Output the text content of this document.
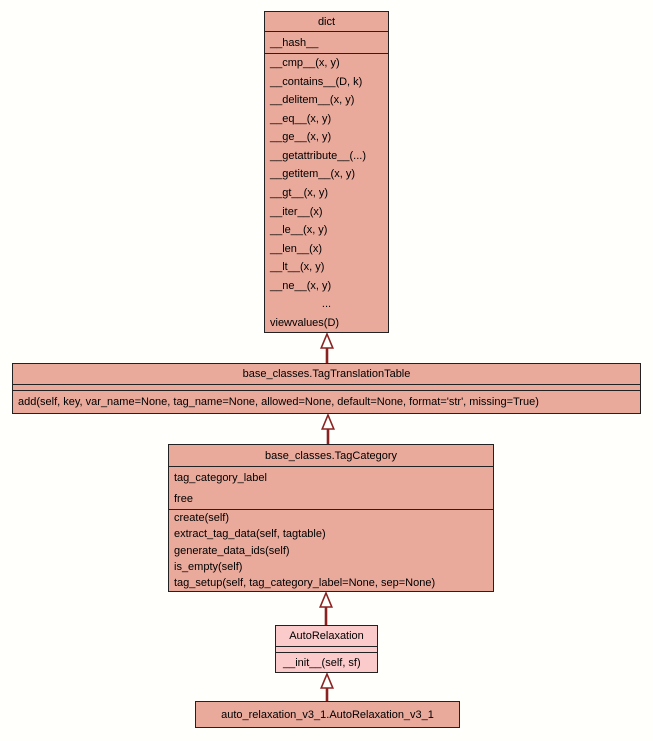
dict
__hash__
__cmp__(x, y)
__contains__(D, k)
__delitem__(x, y)
__eq__(x, y)
__ge__(x, y)
__getattribute__(...)
__getitem__(x, y)
__gt__(x, y)
__iter__(x)
__le__(x, y)
__len__(x)
__lt__(x, y)
__ne__(x, y)
...
viewvalues(D)
base_classes.TagTranslationTable
add(self, key, var_name=None, tag_name=None, allowed=None, default=None, format='str', missing=True)
base_classes.TagCategory
tag_category_label
free
create(self)
extract_tag_data(self, tagtable)
generate_data_ids(self)
is_empty(self)
tag_setup(self, tag_category_label=None, sep=None)
AutoRelaxation
__init__(self, sf)
auto_relaxation_v3_1.AutoRelaxation_v3_1
